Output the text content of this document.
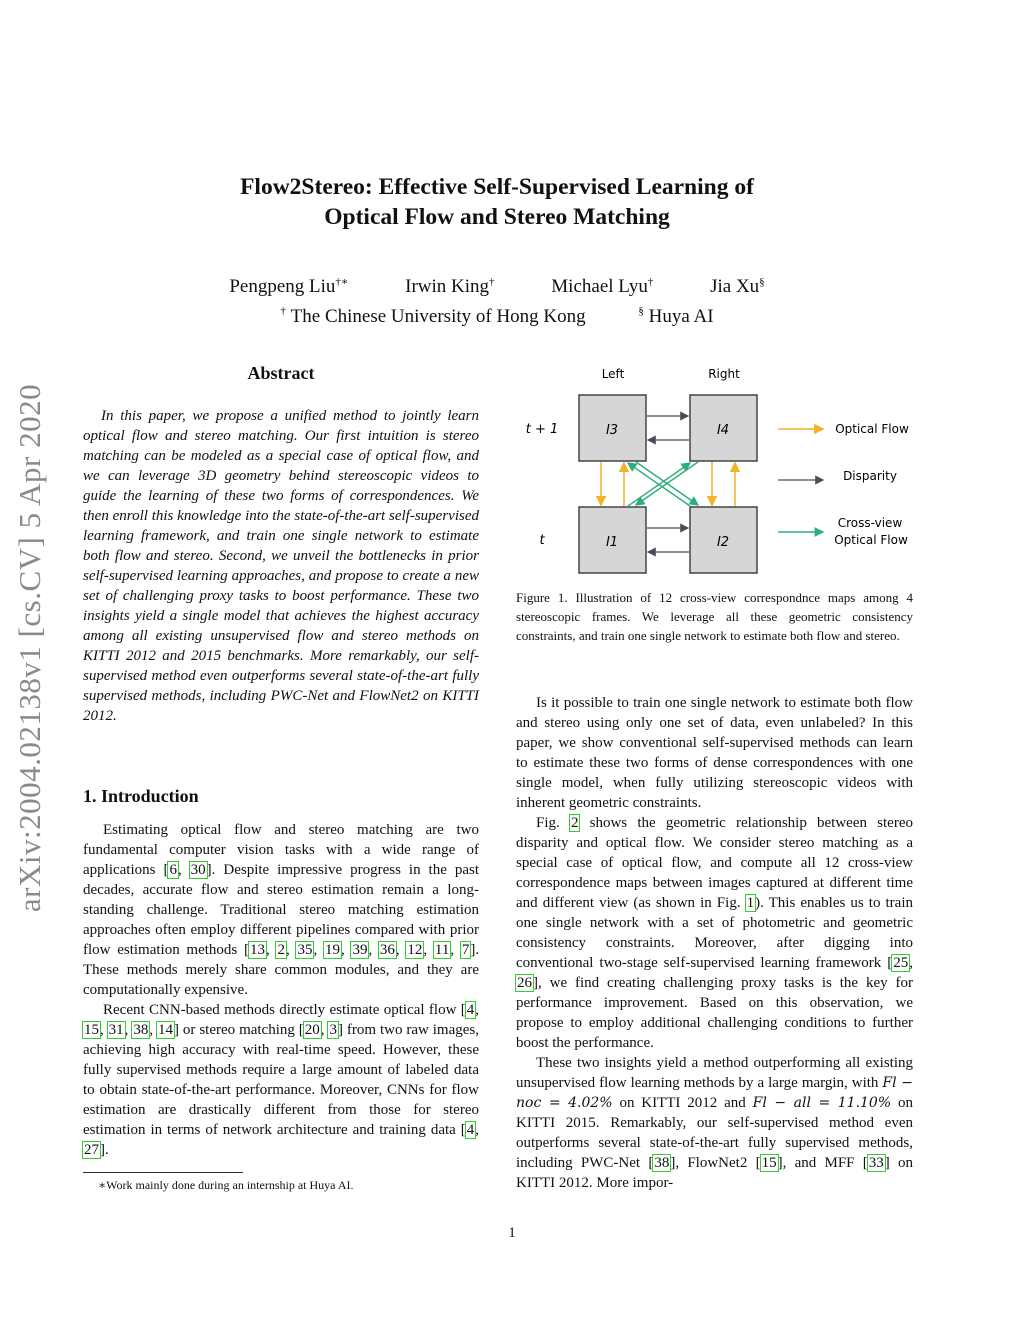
arXiv:2004.02138v1 [cs.CV] 5 Apr 2020
Flow2Stereo: Effective Self-Supervised Learning of
Optical Flow and Stereo Matching
Pengpeng Liu†∗	Irwin King†	Michael Lyu†	Jia Xu§
† The Chinese University of Hong Kong	§ Huya AI
Abstract
In this paper, we propose a unified method to jointly learn optical flow and stereo matching. Our first intuition is stereo matching can be modeled as a special case of optical flow, and we can leverage 3D geometry behind stereoscopic videos to guide the learning of these two forms of correspondences. We then enroll this knowledge into the state-of-the-art self-supervised learning framework, and train one single network to estimate both flow and stereo. Second, we unveil the bottlenecks in prior self-supervised learning approaches, and propose to create a new set of challenging proxy tasks to boost performance. These two insights yield a single model that achieves the highest accuracy among all existing unsupervised flow and stereo methods on KITTI 2012 and 2015 benchmarks. More remarkably, our self-supervised method even outperforms several state-of-the-art fully supervised methods, including PWC-Net and FlowNet2 on KITTI 2012.
1. Introduction
Estimating optical flow and stereo matching are two fundamental computer vision tasks with a wide range of applications [6, 30]. Despite impressive progress in the past decades, accurate flow and stereo estimation remain a long-standing challenge. Traditional stereo matching estimation approaches often employ different pipelines compared with prior flow estimation methods [13, 2, 35, 19, 39, 36, 12, 11, 7]. These methods merely share common modules, and they are computationally expensive.
Recent CNN-based methods directly estimate optical flow [4, 15, 31, 38, 14] or stereo matching [20, 3] from two raw images, achieving high accuracy with real-time speed. However, these fully supervised methods require a large amount of labeled data to obtain state-of-the-art performance. Moreover, CNNs for flow estimation are drastically different from those for stereo estimation in terms of network architecture and training data [4, 27].
∗Work mainly done during an internship at Huya AI.
Left	Right
t + 1
t
I3	I4
I1	I2
Optical Flow
Disparity
Cross-view
Optical Flow
Figure 1. Illustration of 12 cross-view correspondnce maps among 4 stereoscopic frames. We leverage all these geometric consistency constraints, and train one single network to estimate both flow and stereo.
Is it possible to train one single network to estimate both flow and stereo using only one set of data, even unlabeled? In this paper, we show conventional self-supervised methods can learn to estimate these two forms of dense correspondences with one single model, when fully utilizing stereoscopic videos with inherent geometric constraints.
Fig. 2 shows the geometric relationship between stereo disparity and optical flow. We consider stereo matching as a special case of optical flow, and compute all 12 cross-view correspondence maps between images captured at different time and different view (as shown in Fig. 1). This enables us to train one single network with a set of photometric and geometric consistency constraints. Moreover, after digging into conventional two-stage self-supervised learning framework [25, 26], we find creating challenging proxy tasks is the key for performance improvement. Based on this observation, we propose to employ additional challenging conditions to further boost the performance.
These two insights yield a method outperforming all existing unsupervised flow learning methods by a large margin, with Fl − noc = 4.02% on KITTI 2012 and Fl − all = 11.10% on KITTI 2015. Remarkably, our self-supervised method even outperforms several state-of-the-art fully supervised methods, including PWC-Net [38], FlowNet2 [15], and MFF [33] on KITTI 2012. More impor-
1
